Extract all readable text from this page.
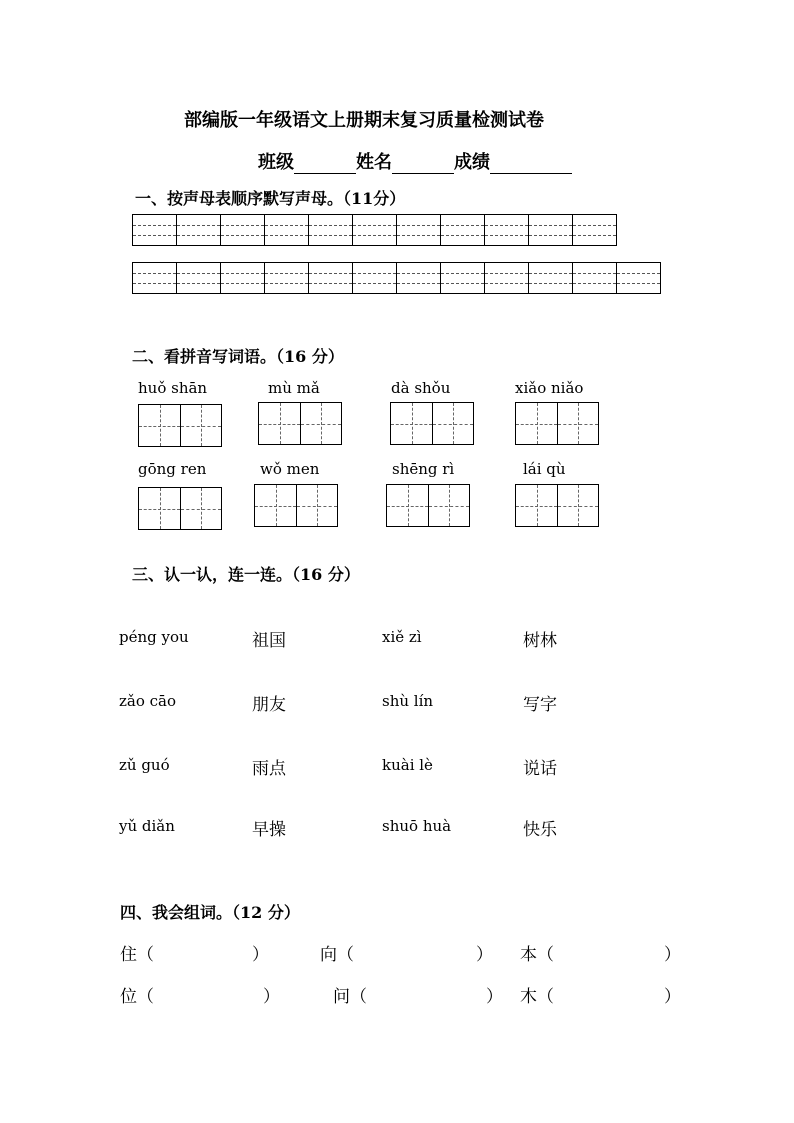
部编版一年级语文上册期末复习质量检测试卷
班级	姓名	成绩
一、按声母表顺序默写声母。（11分）
二、看拼音写词语。（16 分）
huǒ shān	mù mǎ	dà shǒu	xiǎo niǎo
gōng ren	wǒ men	shēng rì	lái qù
三、认一认，连一连。（16 分）
péng you	祖国	xiě zì	树林
zǎo cāo	朋友	shù lín	写字
zǔ guó	雨点	kuài lè	说话
yǔ diǎn	早操	shuō huà	快乐
四、我会组词。（12 分）
住（	）	向（	） 本（	）
位（	）	问（	） 木（	）
